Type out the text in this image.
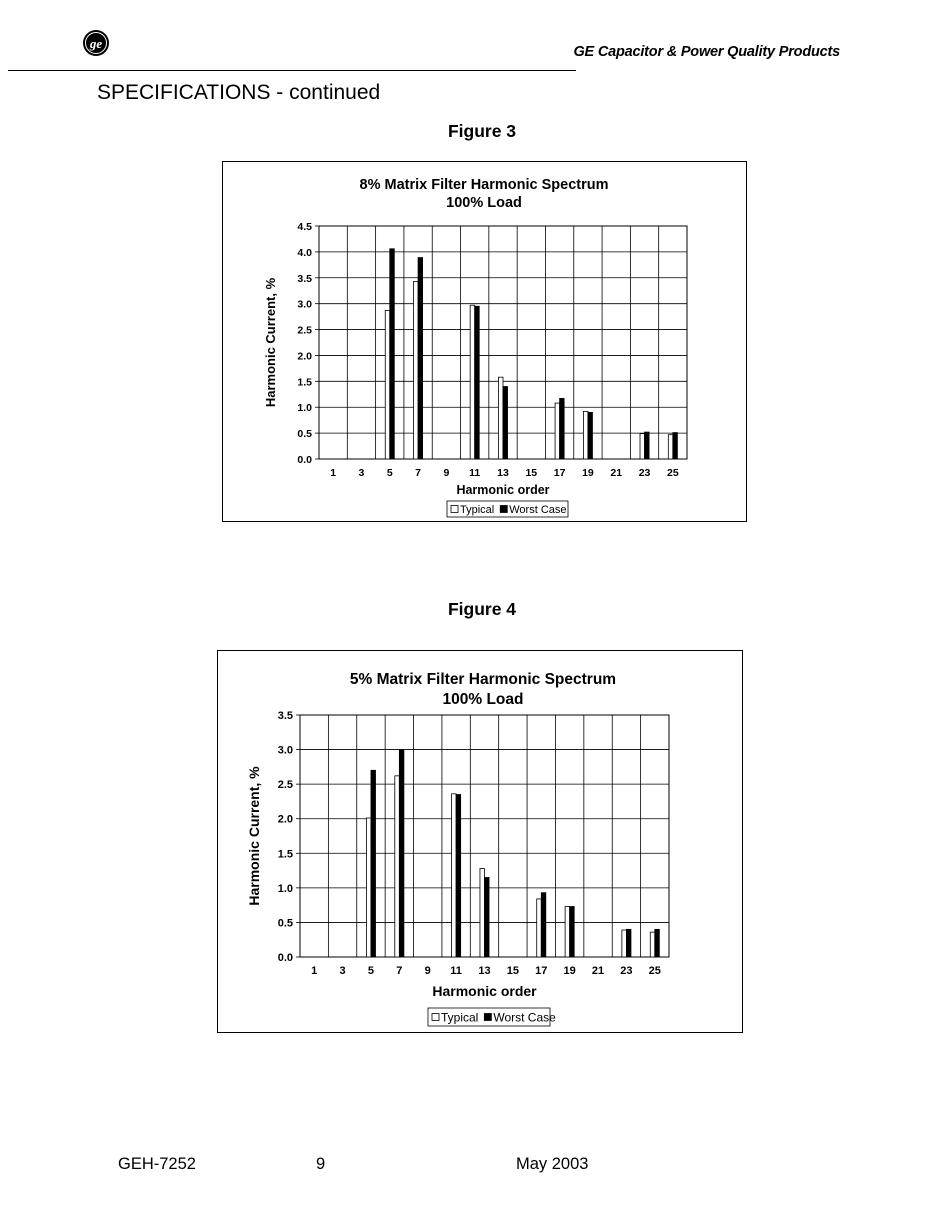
ge
GE Capacitor & Power Quality Products
SPECIFICATIONS - continued
Figure 3
8% Matrix Filter Harmonic Spectrum
100% Load
0.0
0.5
1.0
1.5
2.0
2.5
3.0
3.5
4.0
4.5
1 3 5 7 9 11 13 15 17 19 21 23 25
Harmonic order
Harmonic Current, %
Typical Worst Case
Figure 4
5% Matrix Filter Harmonic Spectrum
100% Load
0.0
0.5
1.0
1.5
2.0
2.5
3.0
3.5
1 3 5 7 9 11 13 15 17 19 21 23 25
Harmonic order
Harmonic Current, %
Typical Worst Case
GEH-7252	9	May 2003
